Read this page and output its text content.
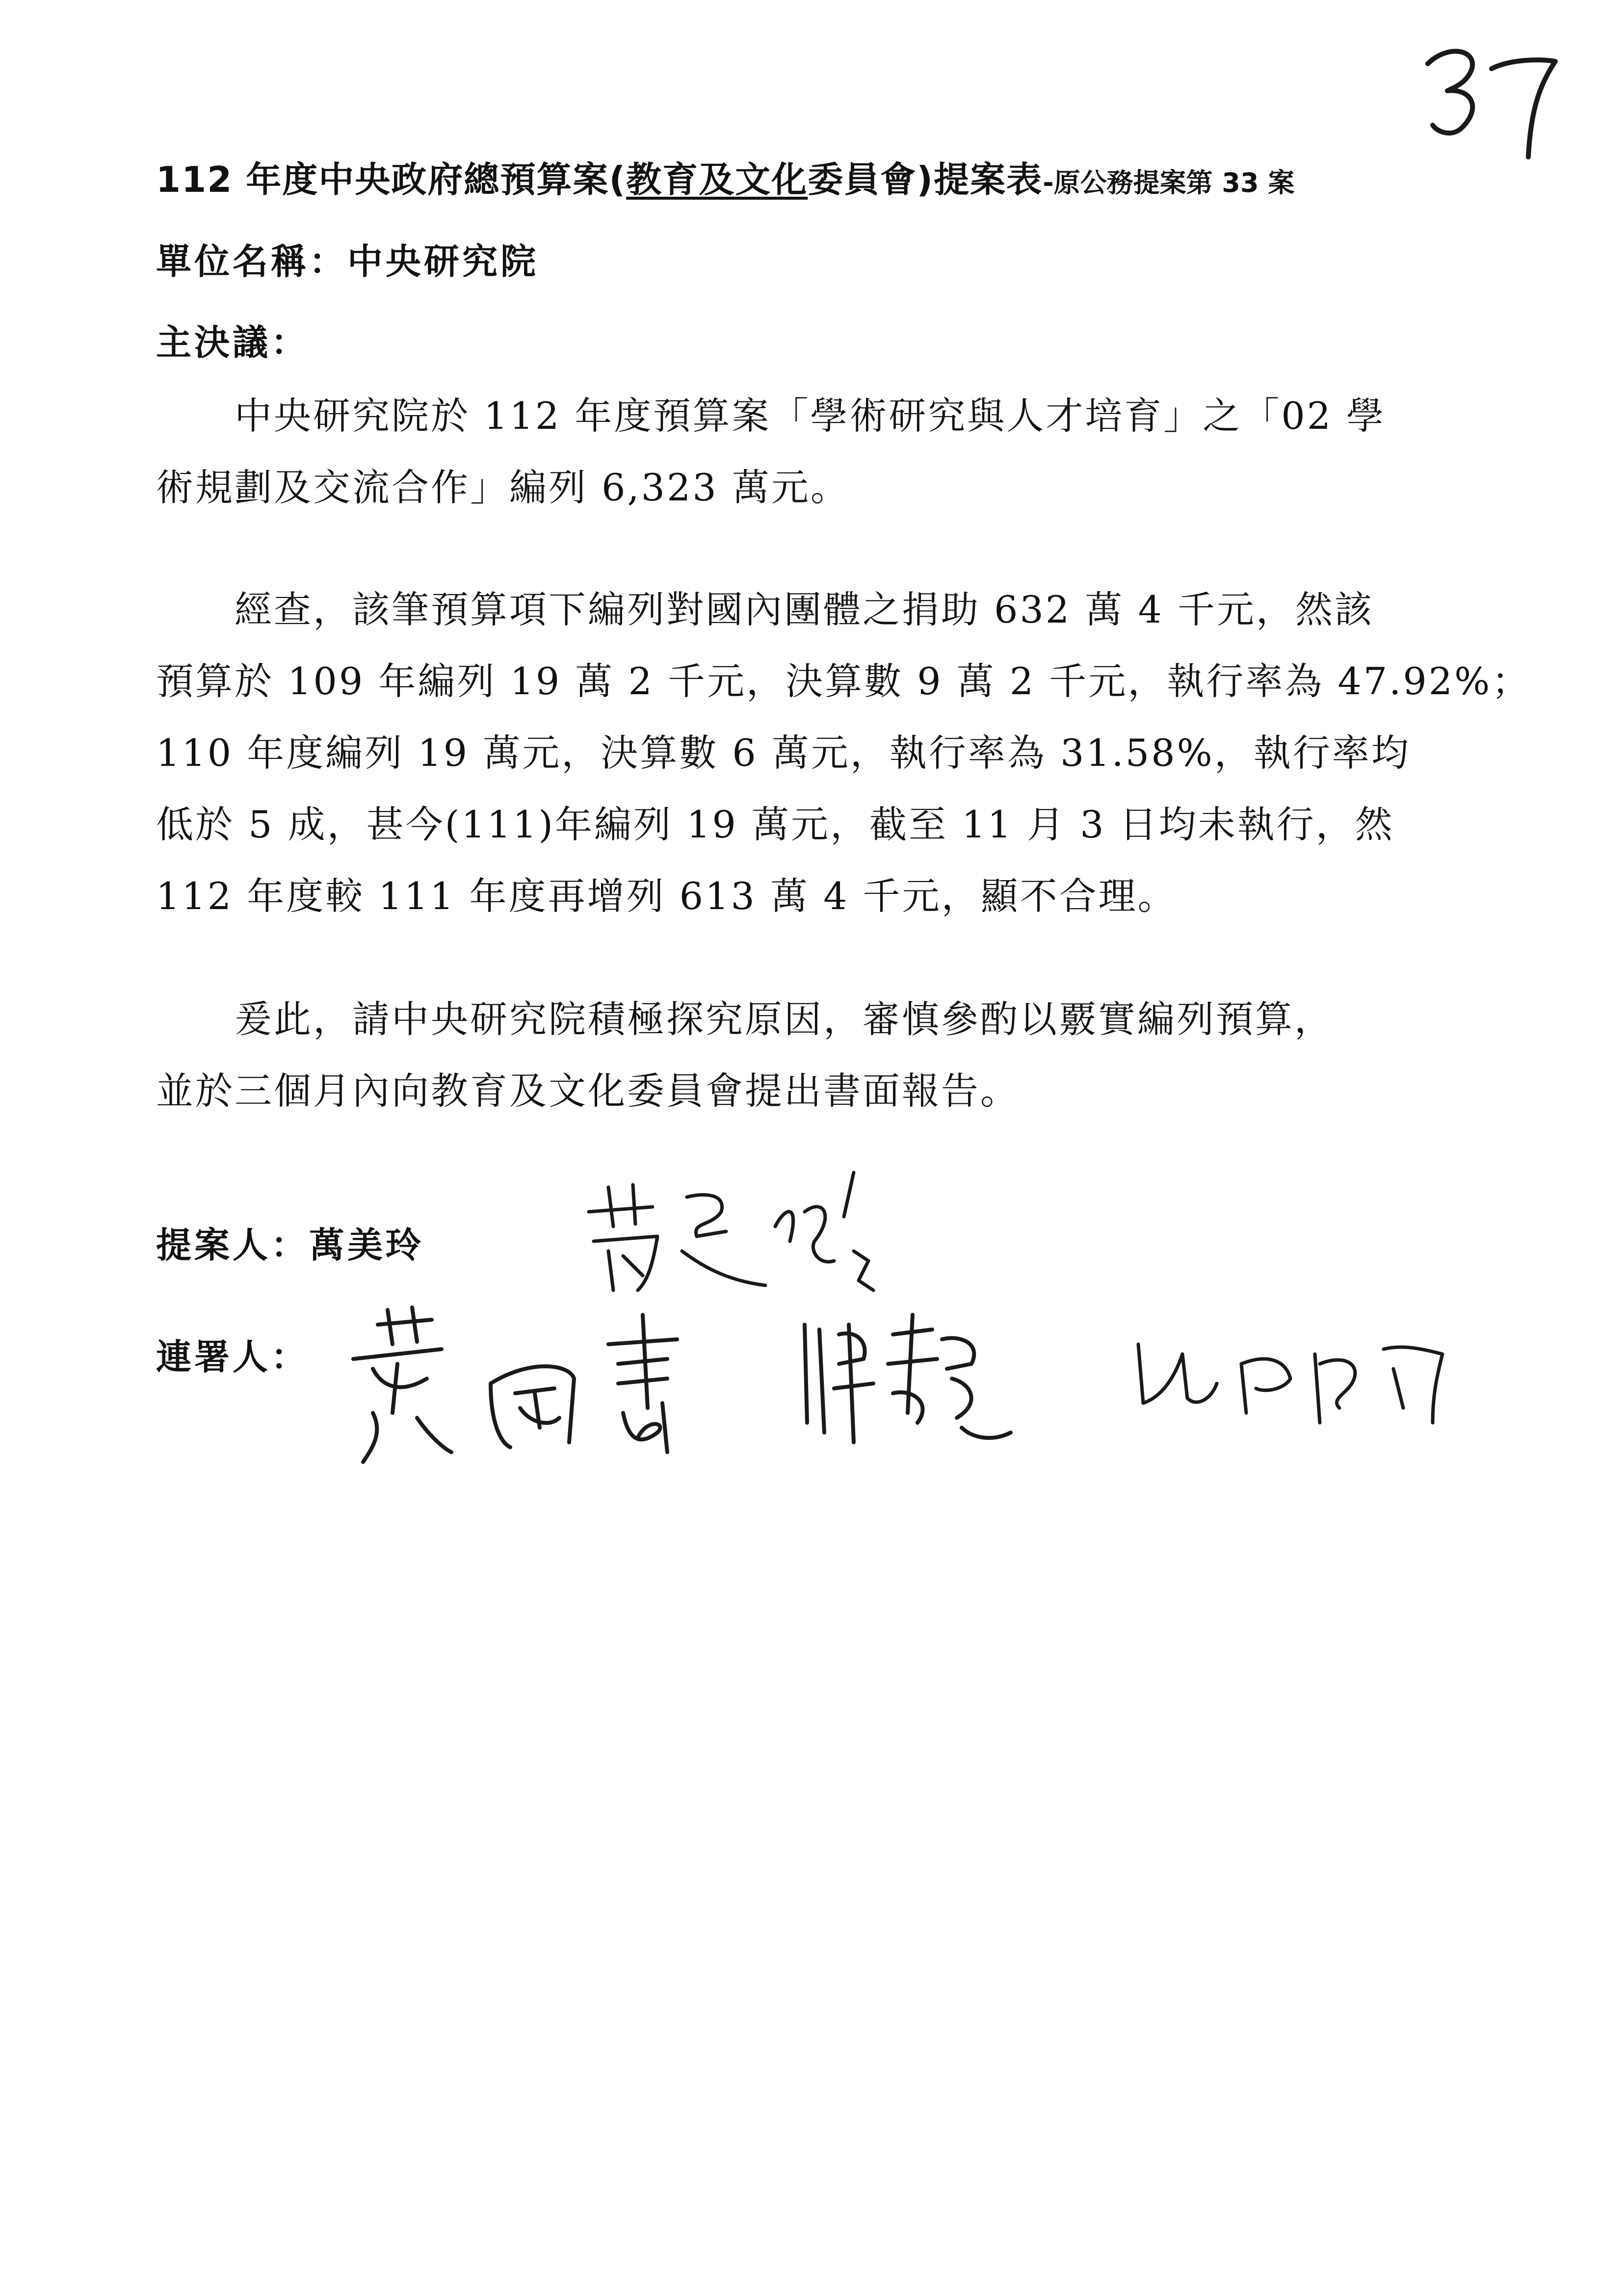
112 年度中央政府總預算案(教育及文化委員會)提案表-原公務提案第 33 案
單位名稱：中央研究院
主決議：
中央研究院於 112 年度預算案「學術研究與人才培育」之「02 學
術規劃及交流合作」編列 6,323 萬元。
經查，該筆預算項下編列對國內團體之捐助 632 萬 4 千元，然該
預算於 109 年編列 19 萬 2 千元，決算數 9 萬 2 千元，執行率為 47.92%；
110 年度編列 19 萬元，決算數 6 萬元，執行率為 31.58%，執行率均
低於 5 成，甚今(111)年編列 19 萬元，截至 11 月 3 日均未執行，然
112 年度較 111 年度再增列 613 萬 4 千元，顯不合理。
爰此，請中央研究院積極探究原因，審慎參酌以覈實編列預算，
並於三個月內向教育及文化委員會提出書面報告。
提案人：萬美玲
連署人：
